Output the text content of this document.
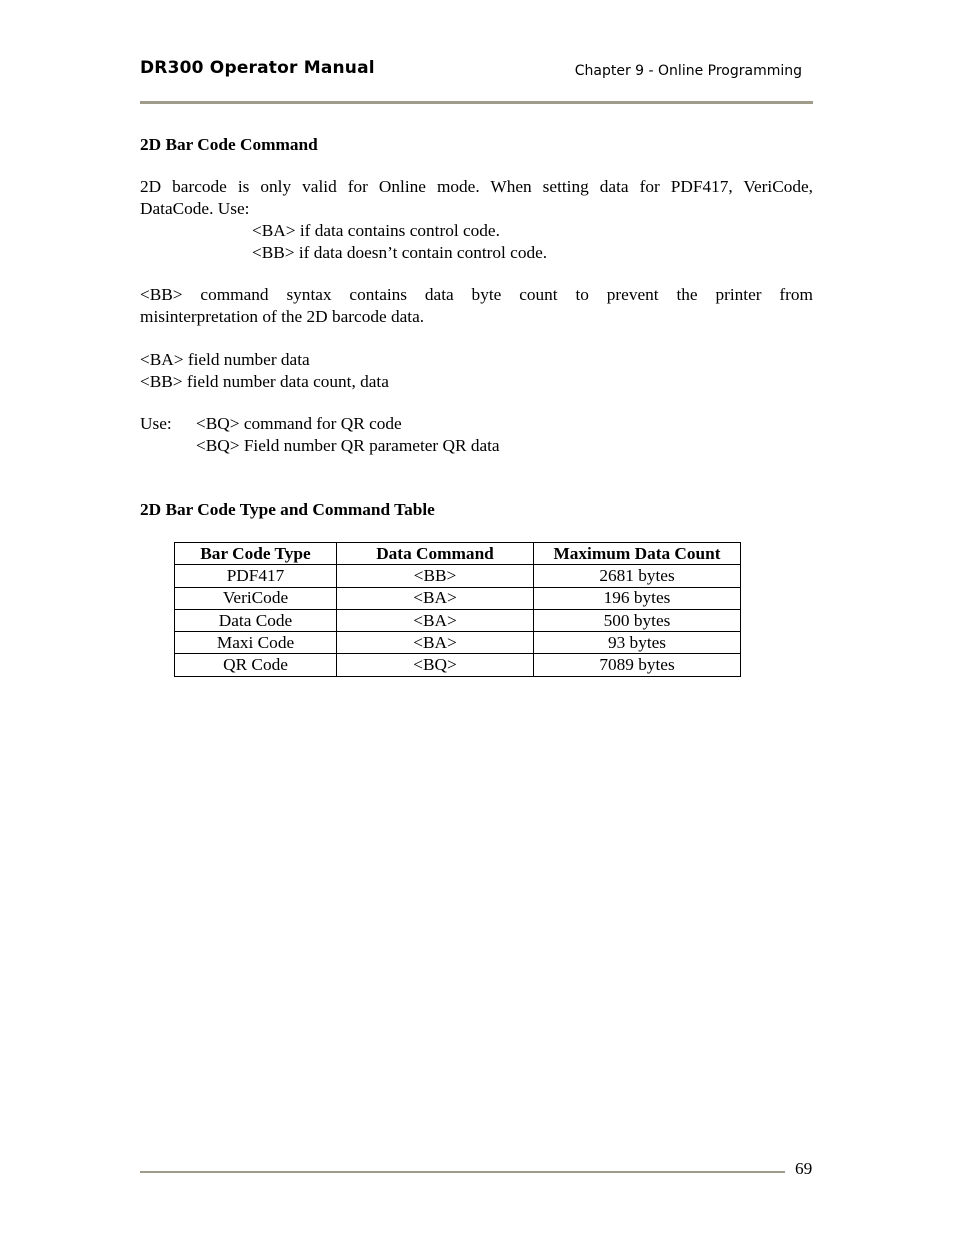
DR300 Operator Manual	Chapter 9 - Online Programming
2D Bar Code Command
2D barcode is only valid for Online mode. When setting data for PDF417, VeriCode,
DataCode. Use:
<BA> if data contains control code.
<BB> if data doesn’t contain control code.
<BB> command syntax contains data byte count to prevent the printer from
misinterpretation of the 2D barcode data.
<BA> field number data
<BB> field number data count, data
Use:	<BQ> command for QR code
<BQ> Field number QR parameter QR data
2D Bar Code Type and Command Table
Bar Code Type	Data Command	Maximum Data Count
PDF417	<BB>	2681 bytes
VeriCode	<BA>	196 bytes
Data Code	<BA>	500 bytes
Maxi Code	<BA>	93 bytes
QR Code	<BQ>	7089 bytes
69
